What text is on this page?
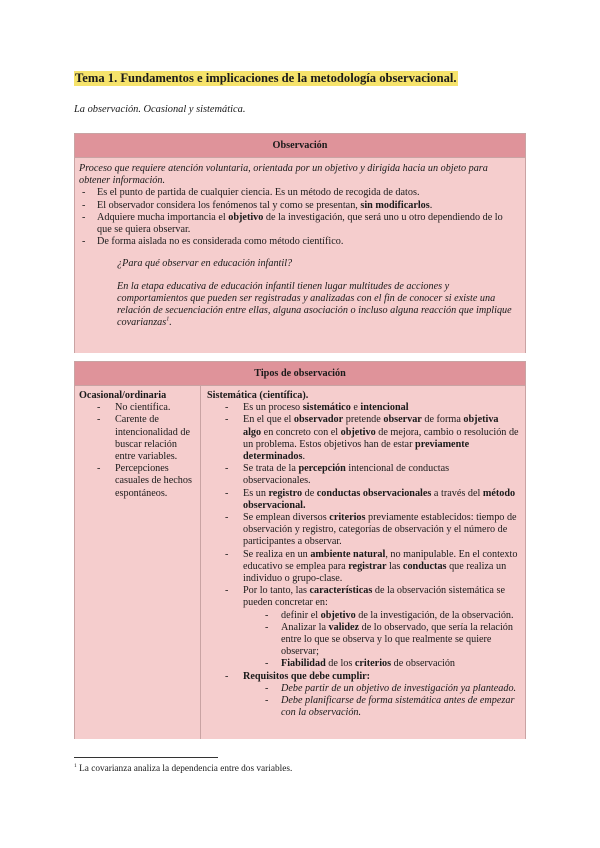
Tema 1. Fundamentos e implicaciones de la metodología observacional.
La observación. Ocasional y sistemática.
Observación
Proceso que requiere atención voluntaria, orientada por un objetivo y dirigida hacia un objeto para obtener información.
- Es el punto de partida de cualquier ciencia. Es un método de recogida de datos.
- El observador considera los fenómenos tal y como se presentan, sin modificarlos.
- Adquiere mucha importancia el objetivo de la investigación, que será uno u otro dependiendo de lo que se quiera observar.
- De forma aislada no es considerada como método científico.
¿Para qué observar en educación infantil?
En la etapa educativa de educación infantil tienen lugar multitudes de acciones y comportamientos que pueden ser registradas y analizadas con el fin de conocer si existe una relación de secuenciación entre ellas, alguna asociación o incluso alguna reacción que implique covarianzas$^1$.
Tipos de observación
Ocasional/ordinaria
- No científica.
- Carente de intencionalidad de buscar relación entre variables.
- Percepciones casuales de hechos espontáneos.
Sistemática (científica).
- Es un proceso sistemático e intencional
- En el que el observador pretende observar de forma objetiva algo en concreto con el objetivo de mejora, cambio o resolución de un problema. Estos objetivos han de estar previamente determinados.
- Se trata de la percepción intencional de conductas observacionales.
- Es un registro de conductas observacionales a través del método observacional.
- Se emplean diversos criterios previamente establecidos: tiempo de observación y registro, categorías de observación y el número de participantes a observar.
- Se realiza en un ambiente natural, no manipulable. En el contexto educativo se emplea para registrar las conductas que realiza un individuo o grupo-clase.
- Por lo tanto, las características de la observación sistemática se pueden concretar en:
- definir el objetivo de la investigación, de la observación.
- Analizar la validez de lo observado, que sería la relación entre lo que se observa y lo que realmente se quiere observar;
- Fiabilidad de los criterios de observación
- Requisitos que debe cumplir:
- Debe partir de un objetivo de investigación ya planteado.
- Debe planificarse de forma sistemática antes de empezar con la observación.
$^1$ La covarianza analiza la dependencia entre dos variables.
